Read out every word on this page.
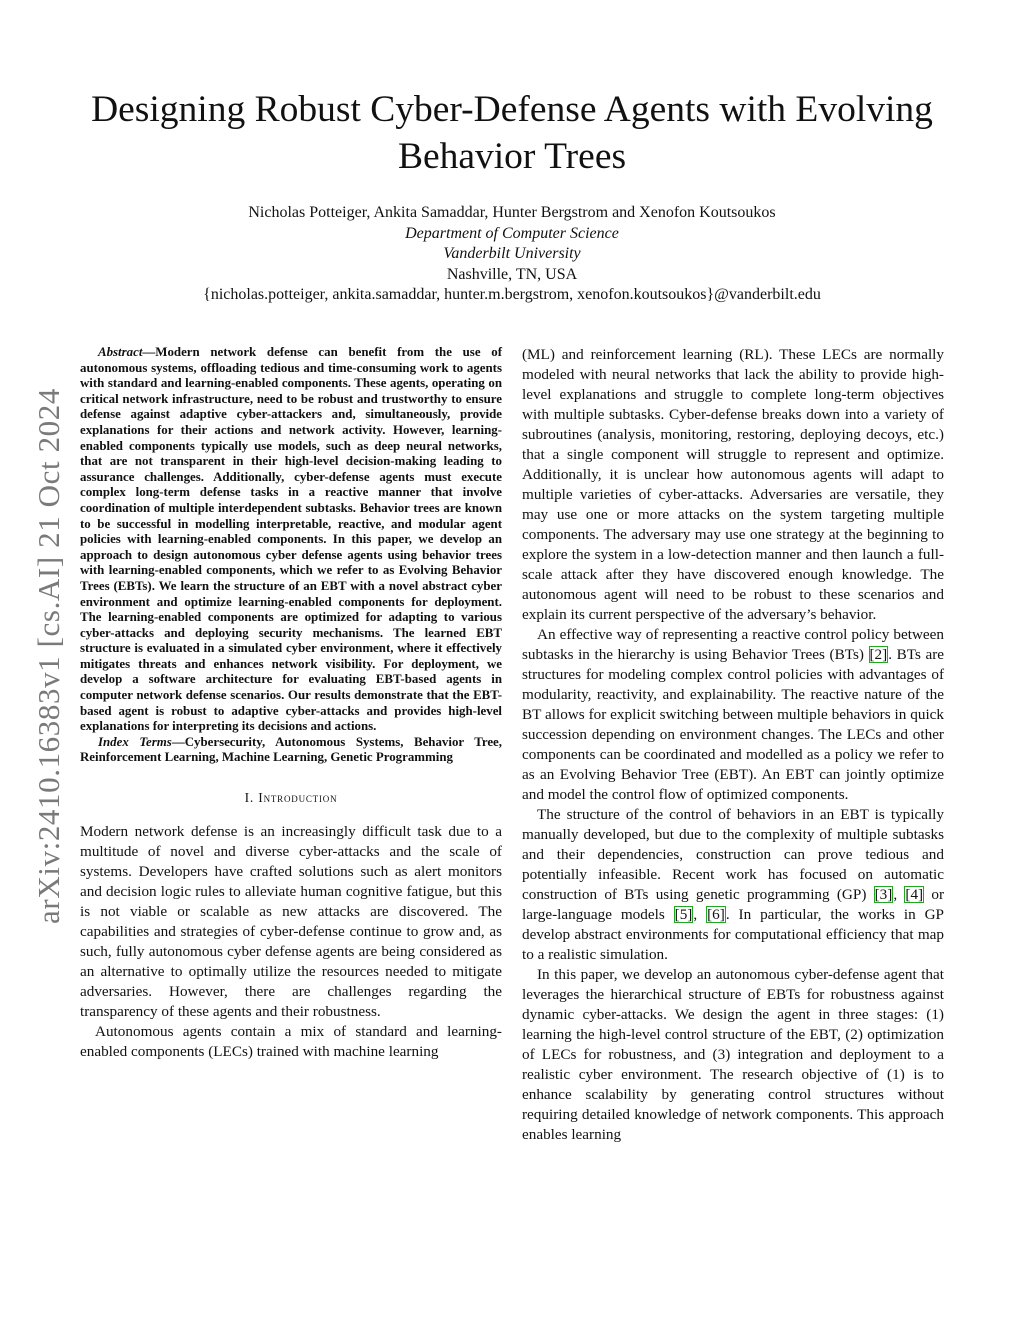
Designing Robust Cyber-Defense Agents with Evolving Behavior Trees
Nicholas Potteiger, Ankita Samaddar, Hunter Bergstrom and Xenofon Koutsoukos
Department of Computer Science
Vanderbilt University
Nashville, TN, USA
{nicholas.potteiger, ankita.samaddar, hunter.m.bergstrom, xenofon.koutsoukos}@vanderbilt.edu
arXiv:2410.16383v1 [cs.AI] 21 Oct 2024

Abstract—Modern network defense can benefit from the use of autonomous systems, offloading tedious and time-consuming work to agents with standard and learning-enabled components. These agents, operating on critical network infrastructure, need to be robust and trustworthy to ensure defense against adaptive cyber-attackers and, simultaneously, provide explanations for their actions and network activity. However, learning-enabled components typically use models, such as deep neural networks, that are not transparent in their high-level decision-making leading to assurance challenges. Additionally, cyber-defense agents must execute complex long-term defense tasks in a reactive manner that involve coordination of multiple interdependent subtasks. Behavior trees are known to be successful in modelling interpretable, reactive, and modular agent policies with learning-enabled components. In this paper, we develop an approach to design autonomous cyber defense agents using behavior trees with learning-enabled components, which we refer to as Evolving Behavior Trees (EBTs). We learn the structure of an EBT with a novel abstract cyber environment and optimize learning-enabled components for deployment. The learning-enabled components are optimized for adapting to various cyber-attacks and deploying security mechanisms. The learned EBT structure is evaluated in a simulated cyber environment, where it effectively mitigates threats and enhances network visibility. For deployment, we develop a software architecture for evaluating EBT-based agents in computer network defense scenarios. Our results demonstrate that the EBT-based agent is robust to adaptive cyber-attacks and provides high-level explanations for interpreting its decisions and actions.

Index Terms—Cybersecurity, Autonomous Systems, Behavior Tree, Reinforcement Learning, Machine Learning, Genetic Programming

I. Introduction

Modern network defense is an increasingly difficult task due to a multitude of novel and diverse cyber-attacks and the scale of systems. Developers have crafted solutions such as alert monitors and decision logic rules to alleviate human cognitive fatigue, but this is not viable or scalable as new attacks are discovered. The capabilities and strategies of cyber-defense continue to grow and, as such, fully autonomous cyber defense agents are being considered as an alternative to optimally utilize the resources needed to mitigate adversaries. However, there are challenges regarding the transparency of these agents and their robustness.

Autonomous agents contain a mix of standard and learning-enabled components (LECs) trained with machine learning

(ML) and reinforcement learning (RL). These LECs are normally modeled with neural networks that lack the ability to provide high-level explanations and struggle to complete long-term objectives with multiple subtasks. Cyber-defense breaks down into a variety of subroutines (analysis, monitoring, restoring, deploying decoys, etc.) that a single component will struggle to represent and optimize. Additionally, it is unclear how autonomous agents will adapt to multiple varieties of cyber-attacks. Adversaries are versatile, they may use one or more attacks on the system targeting multiple components. The adversary may use one strategy at the beginning to explore the system in a low-detection manner and then launch a full-scale attack after they have discovered enough knowledge. The autonomous agent will need to be robust to these scenarios and explain its current perspective of the adversary’s behavior.

An effective way of representing a reactive control policy between subtasks in the hierarchy is using Behavior Trees (BTs) [2]. BTs are structures for modeling complex control policies with advantages of modularity, reactivity, and explainability. The reactive nature of the BT allows for explicit switching between multiple behaviors in quick succession depending on environment changes. The LECs and other components can be coordinated and modelled as a policy we refer to as an Evolving Behavior Tree (EBT). An EBT can jointly optimize and model the control flow of optimized components.

The structure of the control of behaviors in an EBT is typically manually developed, but due to the complexity of multiple subtasks and their dependencies, construction can prove tedious and potentially infeasible. Recent work has focused on automatic construction of BTs using genetic programming (GP) [3], [4] or large-language models [5], [6]. In particular, the works in GP develop abstract environments for computational efficiency that map to a realistic simulation.

In this paper, we develop an autonomous cyber-defense agent that leverages the hierarchical structure of EBTs for robustness against dynamic cyber-attacks. We design the agent in three stages: (1) learning the high-level control structure of the EBT, (2) optimization of LECs for robustness, and (3) integration and deployment to a realistic cyber environment. The research objective of (1) is to enhance scalability by generating control structures without requiring detailed knowledge of network components. This approach enables learning
